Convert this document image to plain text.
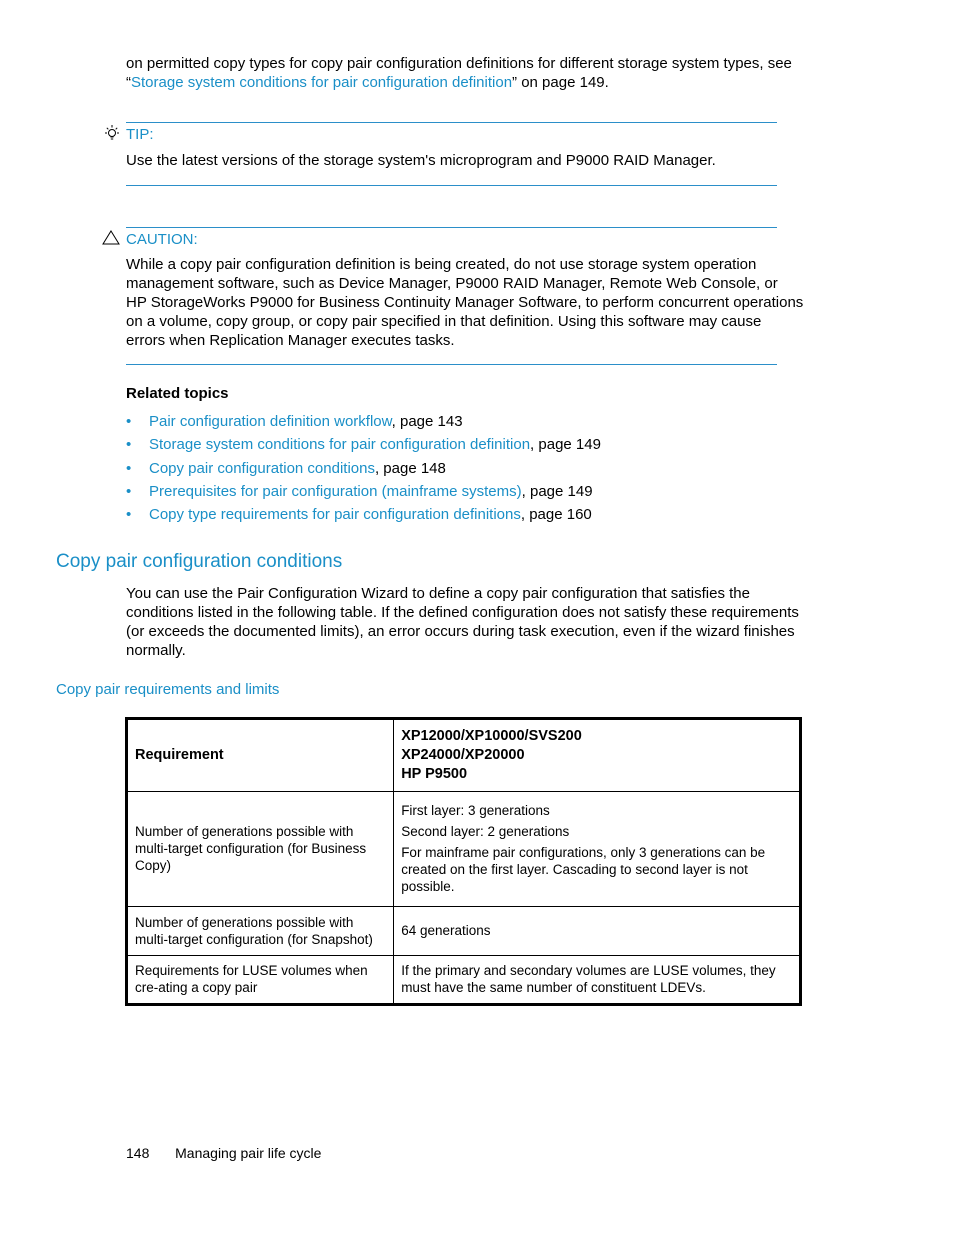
on permitted copy types for copy pair configuration definitions for different storage system types, see
“Storage system conditions for pair configuration definition” on page 149.
TIP:
Use the latest versions of the storage system's microprogram and P9000 RAID Manager.
CAUTION:
While a copy pair configuration definition is being created, do not use storage system operation
management software, such as Device Manager, P9000 RAID Manager, Remote Web Console, or
HP StorageWorks P9000 for Business Continuity Manager Software, to perform concurrent operations
on a volume, copy group, or copy pair specified in that definition. Using this software may cause
errors when Replication Manager executes tasks.
Related topics
• Pair configuration definition workflow, page 143
• Storage system conditions for pair configuration definition, page 149
• Copy pair configuration conditions, page 148
• Prerequisites for pair configuration (mainframe systems), page 149
• Copy type requirements for pair configuration definitions, page 160
Copy pair configuration conditions
You can use the Pair Configuration Wizard to define a copy pair configuration that satisfies the
conditions listed in the following table. If the defined configuration does not satisfy these requirements
(or exceeds the documented limits), an error occurs during task execution, even if the wizard finishes
normally.
Copy pair requirements and limits
Requirement	XP12000/XP10000/SVS200
XP24000/XP20000
HP P9500

Number of generations possible with multi-target configuration (for Business Copy)	First layer: 3 generations

Second layer: 2 generations

For mainframe pair configurations, only 3 generations can be created on the first layer. Cascading to second layer is not possible.

Number of generations possible with multi-target configuration (for Snapshot)	64 generations

Requirements for LUSE volumes when cre-ating a copy pair	If the primary and secondary volumes are LUSE volumes, they must have the same number of constituent LDEVs.

148 Managing pair life cycle
